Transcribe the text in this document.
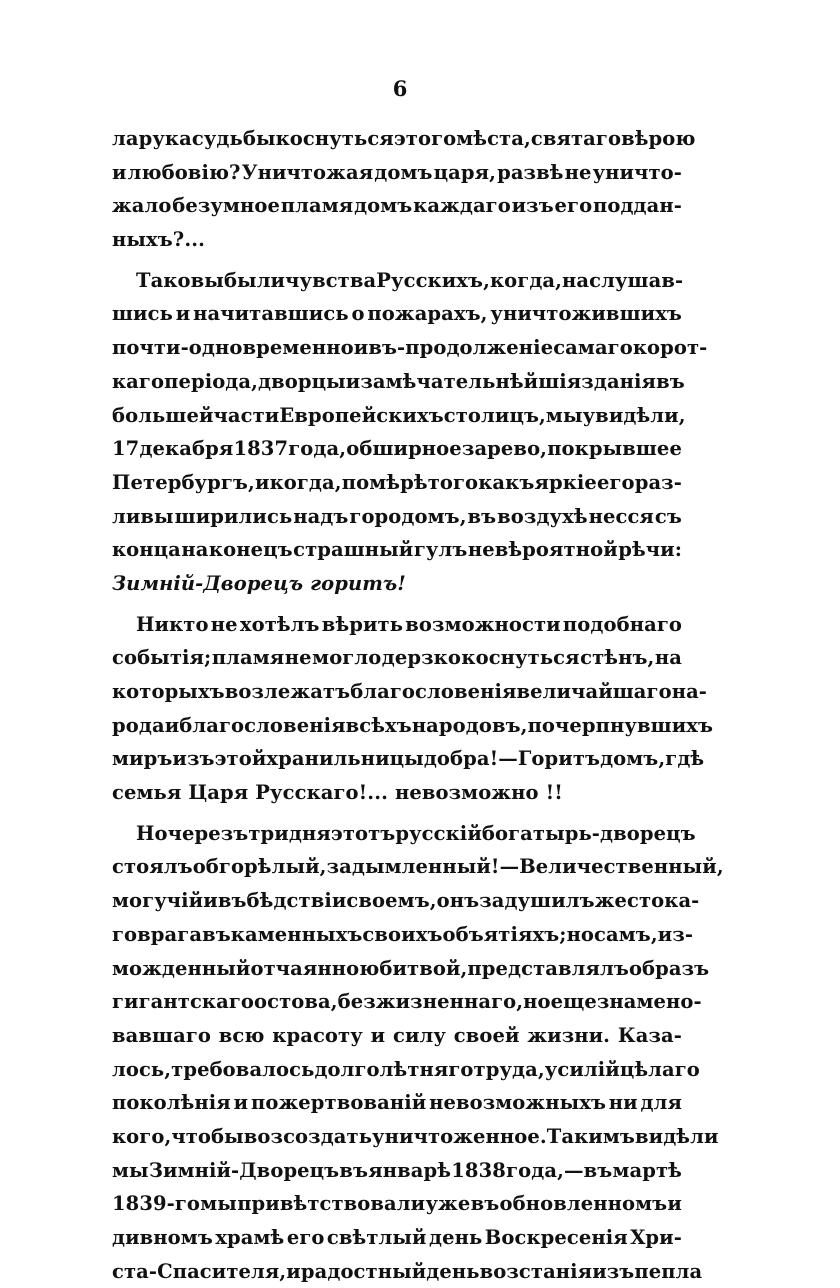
6
ла рука судьбы коснуться этого мѣста, святаго вѣрою
и любовію? Уничтожая домъ царя, развѣ не уничто-
жало безумное пламя домъ каждаго изъ его поддан-
ныхъ?...
Таковы были чувства Русскихъ, когда, наслушав-
шись и начитавшись о пожарахъ, уничтожившихъ
почти-одновременно и въ-продолженіе самаго корот-
каго періода, дворцы и замѣчательнѣйшія зданія въ
большей части Европейскихъ столицъ, мы увидѣли,
17 декабря 1837 года, обширное зарево, покрывшее
Петербургъ, и когда, по мѣрѣ того какъ яркіе его раз-
ливы ширились надъ городомъ, въ воздухѣ несся съ
конца на конецъ страшный гулъ невѣроятной рѣчи:
Зимній-Дворецъ горитъ!
Никто не хотѣлъ вѣрить возможности подобнаго
событія; пламя не могло дерзко коснуться стѣнъ, на
которыхъ возлежатъ благословенія величайшаго на-
рода и благословенія всѣхъ народовъ, почерпнувшихъ
миръ изъ этой хранильницы добра!—Горитъ домъ, гдѣ
семья Царя Русскаго!... невозможно !!
Но черезъ три дня этотъ русскій богатырь-дворецъ
стоялъ обгорѣлый, задымленный!—Величественный,
могучій и въ бѣдствіи своемъ, онъ задушилъ жестока-
го врага въ каменныхъ своихъ объятіяхъ; но самъ, из-
можденный отчаянною битвой, представлялъ образъ
гигантскаго остова, безжизненнаго, но еще знамено-
вавшаго всю красоту и силу своей жизни. Каза-
лось, требовалось долголѣтняго труда, усилій цѣлаго
поколѣнія и пожертвованій невозможныхъ ни для
кого, чтобы возсоздать уничтоженное. Такимъ видѣли
мы Зимній-Дворецъ въ январѣ 1838 года,—въ мартѣ
1839-го мы привѣтствовали уже въ обновленномъ и
дивномъ храмѣ его свѣтлый день Воскресенія Хри-
ста-Спасителя, и радостный день возстанія изъ пепла
